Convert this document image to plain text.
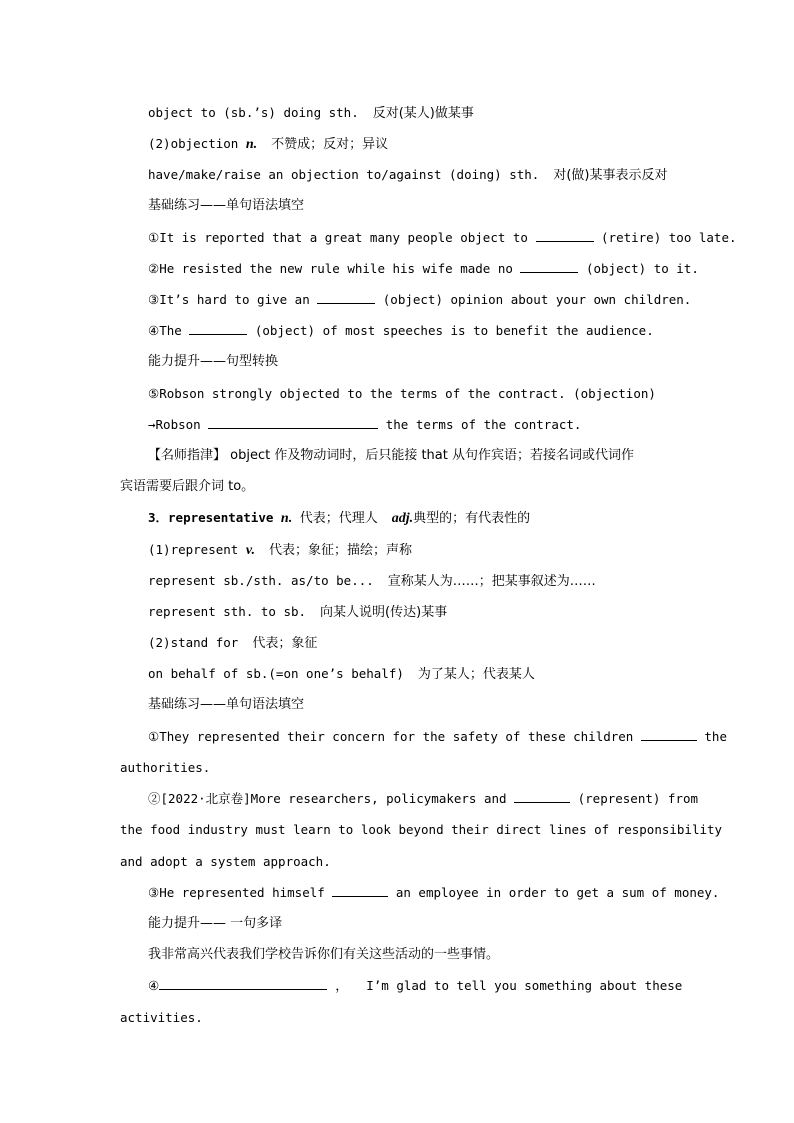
object to (sb.’s) doing sth. 反对(某人)做某事
(2)objection n. 不赞成；反对；异议
have/make/raise an objection to/against (doing) sth. 对(做)某事表示反对
基础练习——单句语法填空
①It is reported that a great many people object to	(retire) too late.
②He resisted the new rule while his wife made no	(object) to it.
③It’s hard to give an	(object) opinion about your own children.
④The	(object) of most speeches is to benefit the audience.
能力提升——句型转换
⑤Robson strongly objected to the terms of the contract. (objection)
→Robson	the terms of the contract.
【名师指津】 object 作及物动词时，后只能接 that 从句作宾语；若接名词或代词作
宾语需要后跟介词 to。
3．representative n. 代表；代理人 adj.典型的；有代表性的
(1)represent v. 代表；象征；描绘；声称
represent sb./sth. as/to be... 宣称某人为……；把某事叙述为……
represent sth. to sb. 向某人说明(传达)某事
(2)stand for 代表；象征
on behalf of sb.(=on one’s behalf) 为了某人；代表某人
基础练习——单句语法填空
①They represented their concern for the safety of these children	the
authorities.
②[2022·北京卷]More researchers, policymakers and	(represent) from
the food industry must learn to look beyond their direct lines of responsibility
and adopt a system approach.
③He represented himself	an employee in order to get a sum of money.
能力提升—— 一句多译
我非常高兴代表我们学校告诉你们有关这些活动的一些事情。
④	， I’m glad to tell you something about these
activities.
